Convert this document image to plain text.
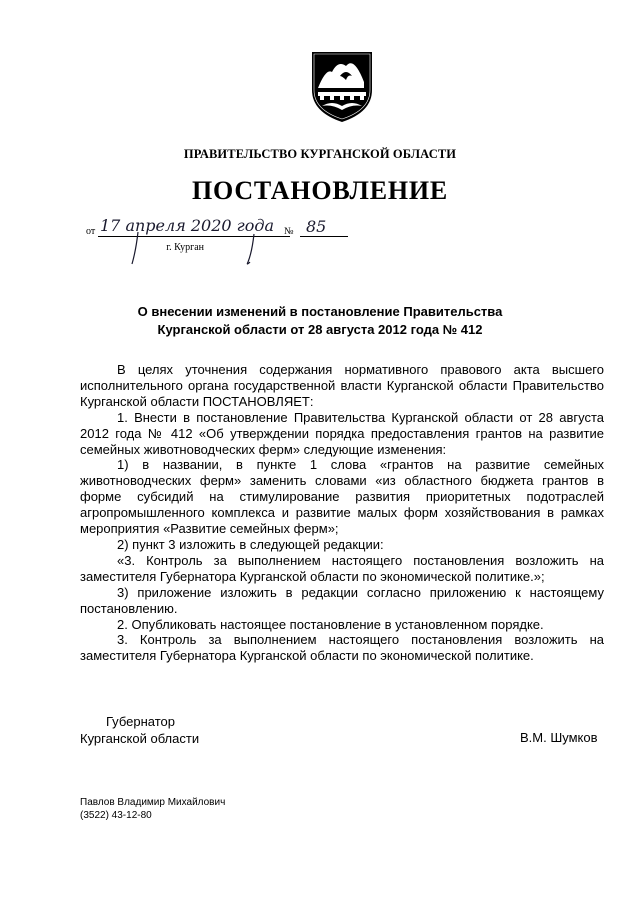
ПРАВИТЕЛЬСТВО КУРГАНСКОЙ ОБЛАСТИ
ПОСТАНОВЛЕНИЕ
от 17 апреля 2020 года № 85
г. Курган
О внесении изменений в постановление Правительства
Курганской области от 28 августа 2012 года № 412

В целях уточнения содержания нормативного правового акта высшего исполнительного органа государственной власти Курганской области Правительство Курганской области ПОСТАНОВЛЯЕТ:

1. Внести в постановление Правительства Курганской области от 28 августа 2012 года № 412 «Об утверждении порядка предоставления грантов на развитие семейных животноводческих ферм» следующие изменения:

1) в названии, в пункте 1 слова «грантов на развитие семейных животноводческих ферм» заменить словами «из областного бюджета грантов в форме субсидий на стимулирование развития приоритетных подотраслей агропромышленного комплекса и развитие малых форм хозяйствования в рамках мероприятия «Развитие семейных ферм»;

2) пункт 3 изложить в следующей редакции:

«3. Контроль за выполнением настоящего постановления возложить на заместителя Губернатора Курганской области по экономической политике.»;

3) приложение изложить в редакции согласно приложению к настоящему постановлению.

2. Опубликовать настоящее постановление в установленном порядке.

3. Контроль за выполнением настоящего постановления возложить на заместителя Губернатора Курганской области по экономической политике.

Губернатор
Курганской области	В.М. Шумков
Павлов Владимир Михайлович
(3522) 43-12-80
